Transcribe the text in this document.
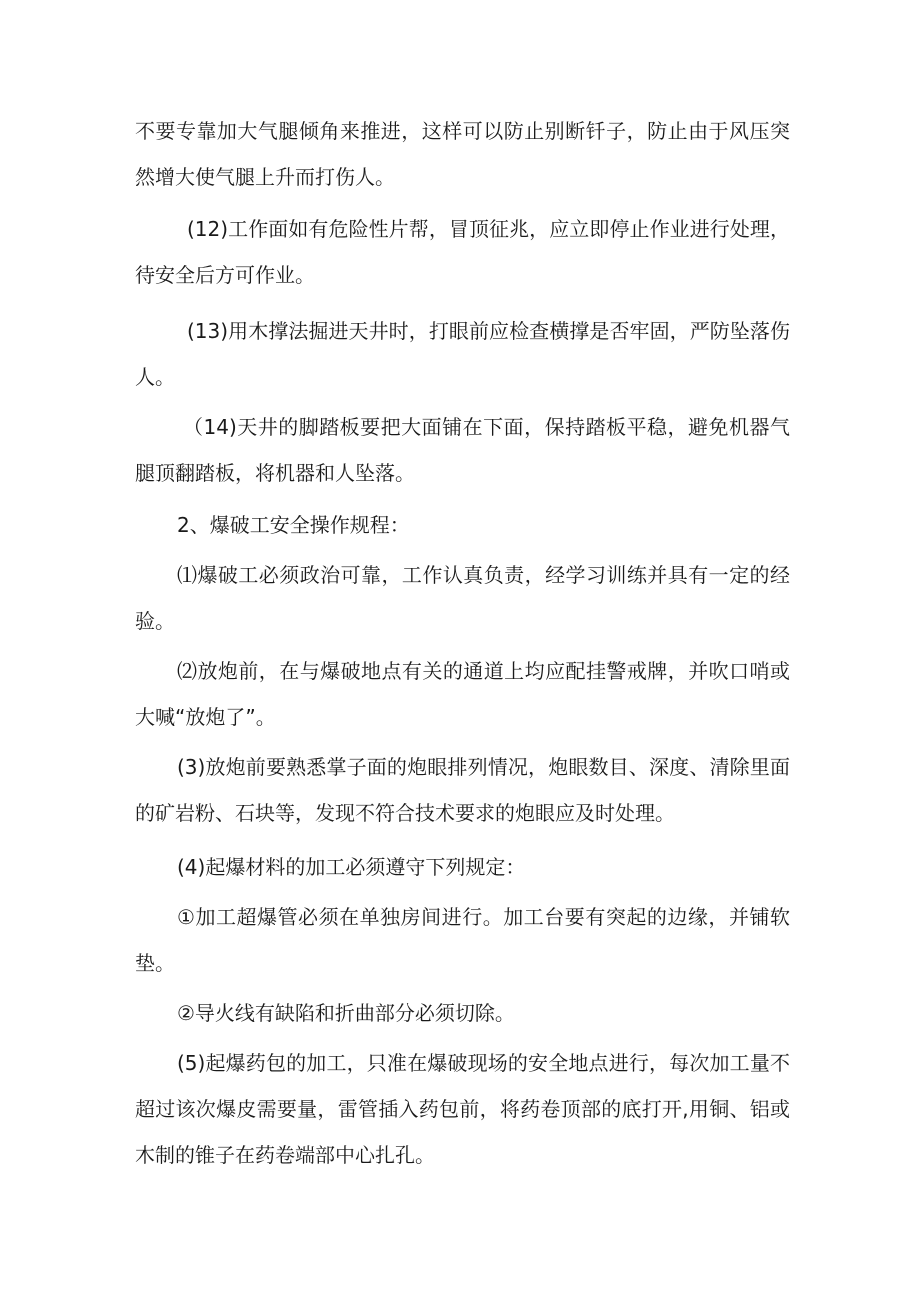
不要专靠加大气腿倾角来推进，这样可以防止别断钎子，防止由于风压突然增大使气腿上升而打伤人。

(12)工作面如有危险性片帮，冒顶征兆，应立即停止作业进行处理，待安全后方可作业。

(13)用木撑法掘进天井时，打眼前应检查横撑是否牢固，严防坠落伤人。

（14)天井的脚踏板要把大面铺在下面，保持踏板平稳，避免机器气腿顶翻踏板，将机器和人坠落。

2、爆破工安全操作规程：

⑴爆破工必须政治可靠，工作认真负责，经学习训练并具有一定的经验。

⑵放炮前，在与爆破地点有关的通道上均应配挂警戒牌，并吹口哨或大喊“放炮了”。

(3)放炮前要熟悉掌子面的炮眼排列情况，炮眼数目、深度、清除里面的矿岩粉、石块等，发现不符合技术要求的炮眼应及时处理。

(4)起爆材料的加工必须遵守下列规定：

①加工超爆管必须在单独房间进行。加工台要有突起的边缘，并铺软垫。

②导火线有缺陷和折曲部分必须切除。

(5)起爆药包的加工，只准在爆破现场的安全地点进行，每次加工量不超过该次爆皮需要量，雷管插入药包前，将药卷顶部的底打开,用铜、铝或木制的锥子在药卷端部中心扎孔。
